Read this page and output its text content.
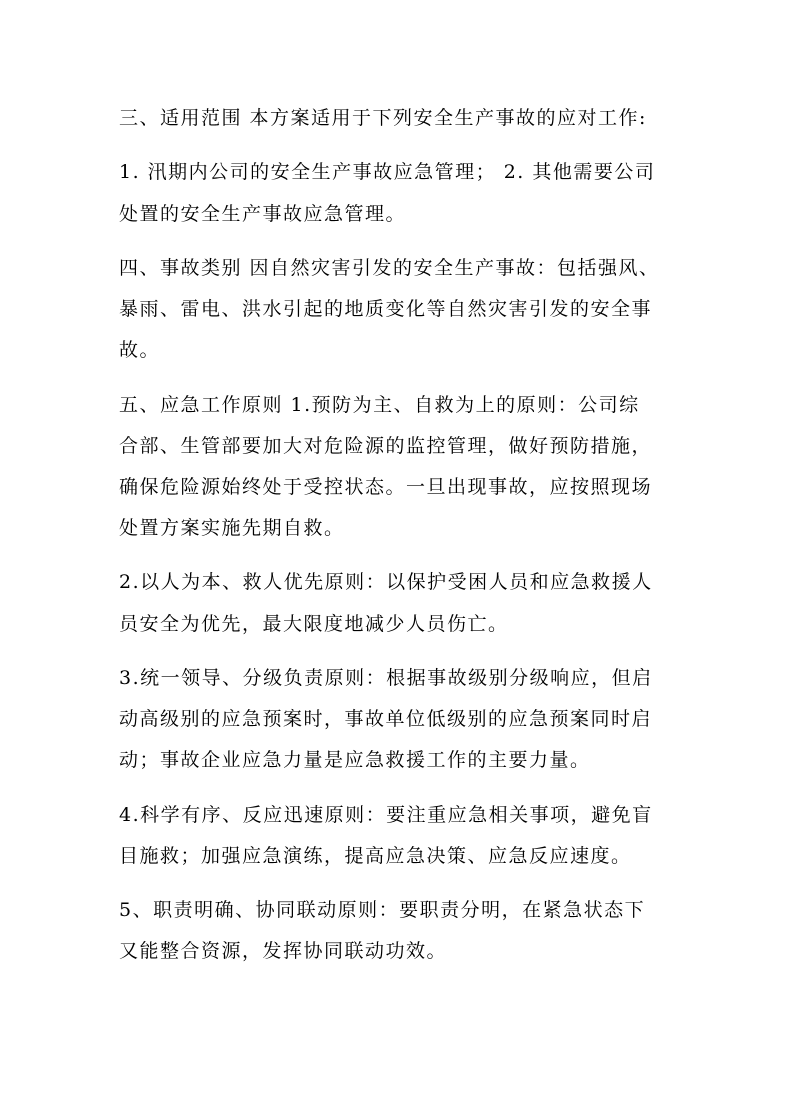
三、适用范围 本方案适用于下列安全生产事故的应对工作:
1. 汛期内公司的安全生产事故应急管理； 2. 其他需要公司
处置的安全生产事故应急管理。
四、事故类别 因自然灾害引发的安全生产事故：包括强风、
暴雨、雷电、洪水引起的地质变化等自然灾害引发的安全事
故。
五、应急工作原则 1.预防为主、自救为上的原则：公司综
合部、生管部要加大对危险源的监控管理，做好预防措施，
确保危险源始终处于受控状态。一旦出现事故，应按照现场
处置方案实施先期自救。
2.以人为本、救人优先原则：以保护受困人员和应急救援人
员安全为优先，最大限度地减少人员伤亡。
3.统一领导、分级负责原则：根据事故级别分级响应，但启
动高级别的应急预案时，事故单位低级别的应急预案同时启
动；事故企业应急力量是应急救援工作的主要力量。
4.科学有序、反应迅速原则：要注重应急相关事项，避免盲
目施救；加强应急演练，提高应急决策、应急反应速度。
5、职责明确、协同联动原则：要职责分明，在紧急状态下
又能整合资源，发挥协同联动功效。
